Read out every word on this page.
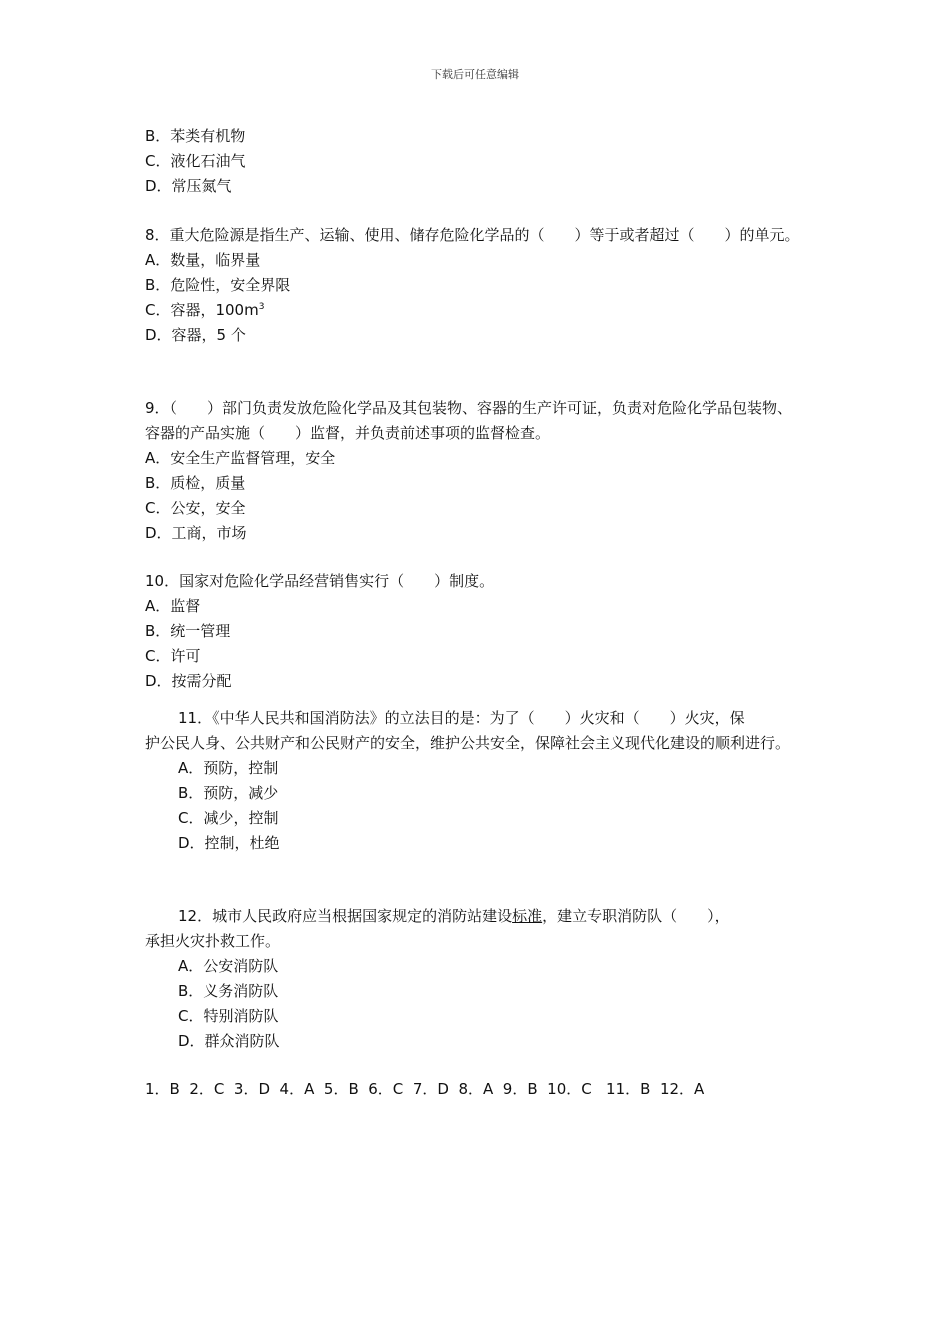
下载后可任意编辑
B．苯类有机物
C．液化石油气
D．常压氮气
8．重大危险源是指生产、运输、使用、储存危险化学品的（　　）等于或者超过（　　）的单元。
A．数量，临界量
B．危险性，安全界限
C．容器，$100m^3$
D．容器，5 个
9．（　　）部门负责发放危险化学品及其包装物、容器的生产许可证，负责对危险化学品包装物、容器的产品实施（　　）监督，并负责前述事项的监督检查。
A．安全生产监督管理，安全
B．质检，质量
C．公安，安全
D．工商，市场
10．国家对危险化学品经营销售实行（　　）制度。
A．监督
B．统一管理
C．许可
D．按需分配
11．《中华人民共和国消防法》的立法目的是：为了（　　）火灾和（　　）火灾，保
护公民人身、公共财产和公民财产的安全，维护公共安全，保障社会主义现代化建设的顺利进行。
A．预防，控制
B．预防，减少
C．减少，控制
D．控制，杜绝
12．城市人民政府应当根据国家规定的消防站建设标准，建立专职消防队（　　），
承担火灾扑救工作。
A．公安消防队
B．义务消防队
C．特别消防队
D．群众消防队
1．B  2．C  3．D  4．A  5．B  6．C  7．D  8．A  9．B  10．C   11．B  12．A
